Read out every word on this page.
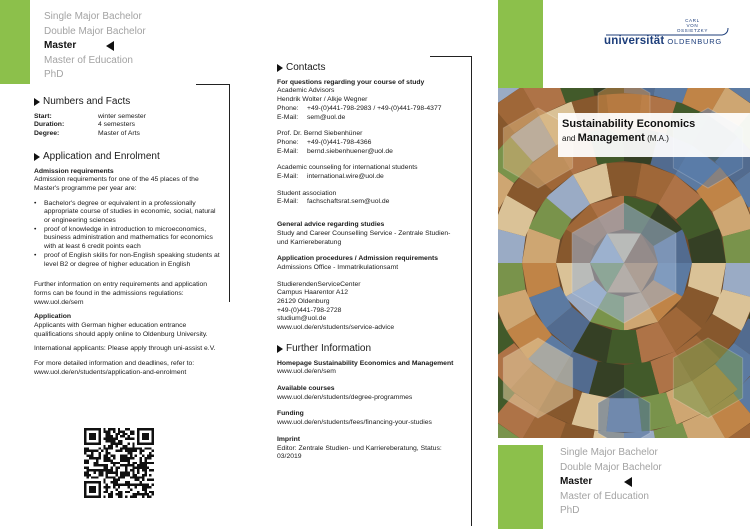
Single Major Bachelor
Double Major Bachelor
Master
Master of Education
PhD
Numbers and Facts
Start:	winter semester
Duration:	4 semesters
Degree:	Master of Arts
Application and Enrolment

Admission requirements

Admission requirements for one of the 45 places of the Master's programme per year are:

• Bachelor's degree or equivalent in a professionally appropriate course of studies in economic, social, natural or engineering sciences
• proof of knowledge in introduction to microeconomics, business administration and mathematics for economics with at least 6 credit points each
• proof of English skills for non-English speaking students at level B2 or degree of higher education in English

Further information on entry requirements and application forms can be found in the admissions regulations:

www.uol.de/sem

Application

Applicants with German higher education entrance qualifications should apply online to Oldenburg University.

International applicants: Please apply through uni-assist e.V.

For more detailed information and deadlines, refer to:

www.uol.de/en/students/application-and-enrolment

Contacts

For questions regarding your course of study

Academic Advisors

Hendrik Wolter / Alkje Wegner

Phone: +49-(0)441-798-2983 / +49-(0)441-798-4377

E-Mail: sem@uol.de

Prof. Dr. Bernd Siebenhüner

Phone: +49-(0)441-798-4366

E-Mail: bernd.siebenhuener@uol.de

Academic counseling for international students

E-Mail: international.wire@uol.de

Student association

E-Mail: fachschaftsrat.sem@uol.de

General advice regarding studies

Study and Career Counselling Service - Zentrale Studien- und Karriereberatung

Application procedures / Admission requirements

Admissions Office - Immatrikulationsamt

StudierendenServiceCenter

Campus Haarentor A12

26129 Oldenburg

+49-(0)441-798-2728

studium@uol.de

www.uol.de/en/students/service-advice

Further Information

Homepage Sustainability Economics and Management

www.uol.de/en/sem

Available courses

www.uol.de/en/students/degree-programmes

Funding

www.uol.de/en/students/fees/financing-your-studies

Imprint

Editor: Zentrale Studien- und Karriereberatung, Status: 03/2019

CARL
VON
OSSIETZKY
universität OLDENBURG
Sustainability Economics
and Management (M.A.)
Single Major Bachelor
Double Major Bachelor
Master
Master of Education
PhD
